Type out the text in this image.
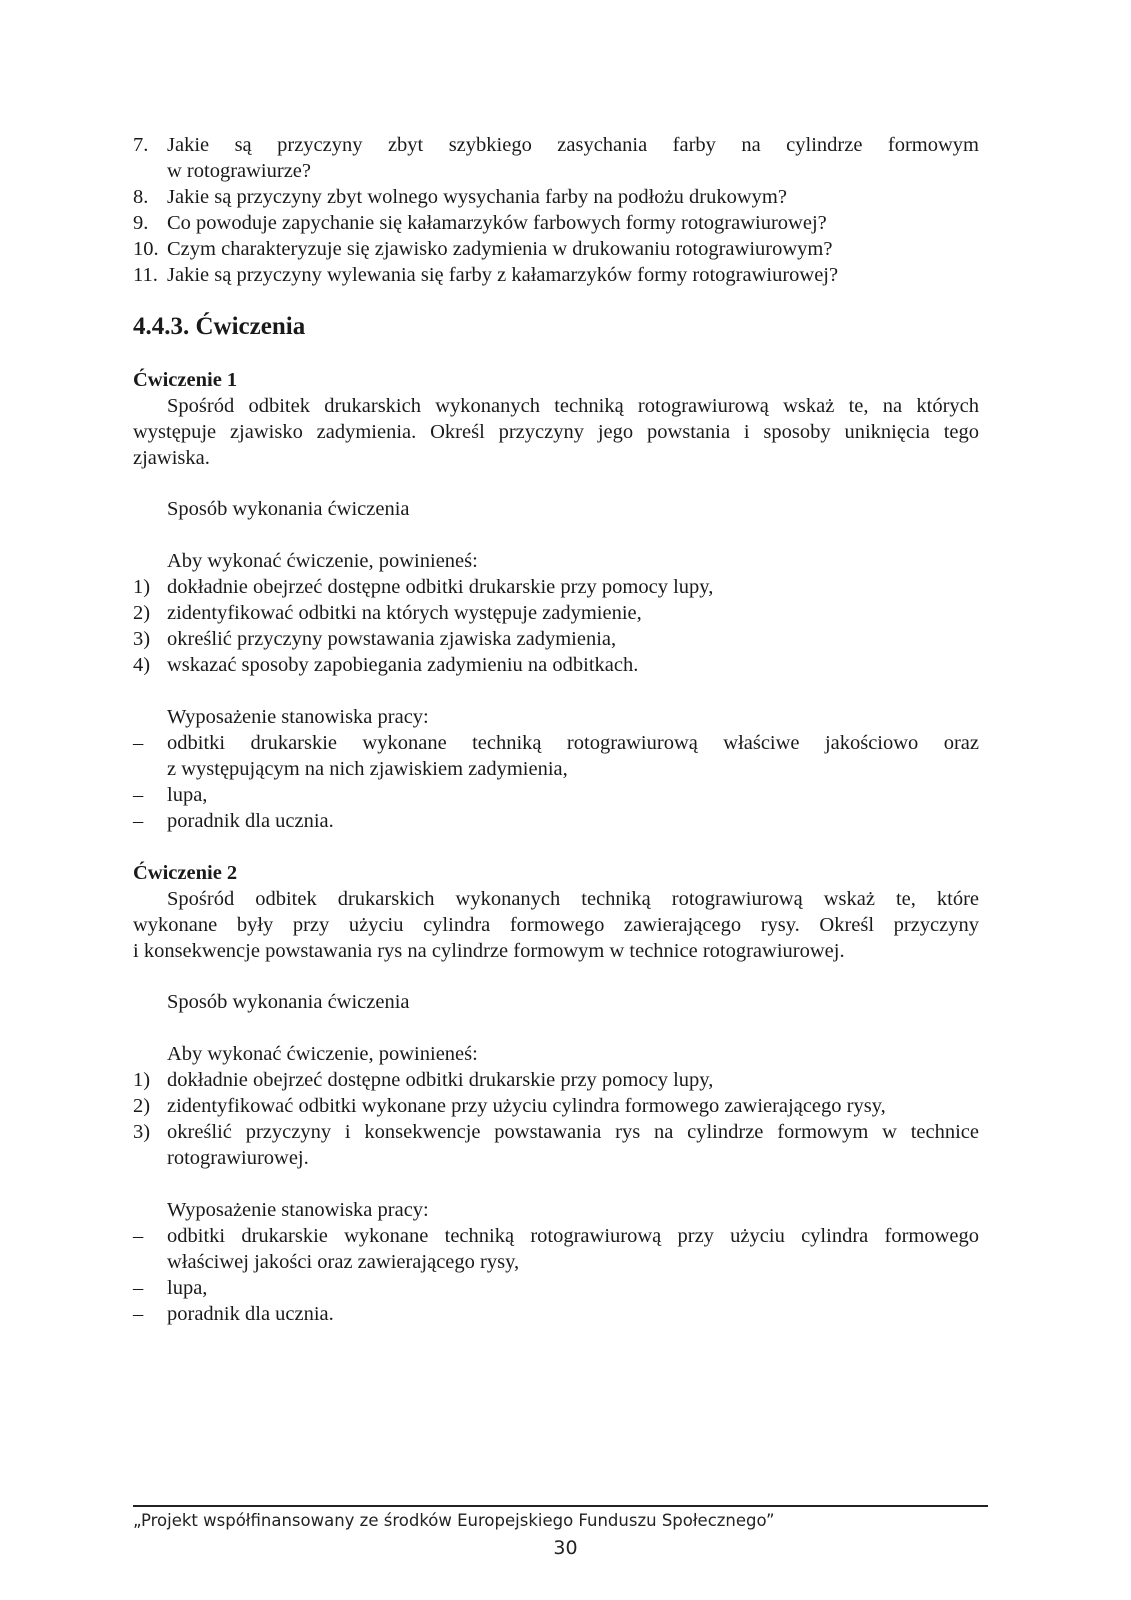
7. Jakie są przyczyny zbyt szybkiego zasychania farby na cylindrze formowym
w rotograwiurze?
8. Jakie są przyczyny zbyt wolnego wysychania farby na podłożu drukowym?
9. Co powoduje zapychanie się kałamarzyków farbowych formy rotograwiurowej?
10. Czym charakteryzuje się zjawisko zadymienia w drukowaniu rotograwiurowym?
11. Jakie są przyczyny wylewania się farby z kałamarzyków formy rotograwiurowej?
4.4.3. Ćwiczenia
Ćwiczenie 1
Spośród odbitek drukarskich wykonanych techniką rotograwiurową wskaż te, na których
występuje zjawisko zadymienia. Określ przyczyny jego powstania i sposoby uniknięcia tego
zjawiska.
Sposób wykonania ćwiczenia
Aby wykonać ćwiczenie, powinieneś:
1) dokładnie obejrzeć dostępne odbitki drukarskie przy pomocy lupy,
2) zidentyfikować odbitki na których występuje zadymienie,
3) określić przyczyny powstawania zjawiska zadymienia,
4) wskazać sposoby zapobiegania zadymieniu na odbitkach.
Wyposażenie stanowiska pracy:
– odbitki drukarskie wykonane techniką rotograwiurową właściwe jakościowo oraz
z występującym na nich zjawiskiem zadymienia,
– lupa,
– poradnik dla ucznia.
Ćwiczenie 2
Spośród odbitek drukarskich wykonanych techniką rotograwiurową wskaż te, które
wykonane były przy użyciu cylindra formowego zawierającego rysy. Określ przyczyny
i konsekwencje powstawania rys na cylindrze formowym w technice rotograwiurowej.
Sposób wykonania ćwiczenia
Aby wykonać ćwiczenie, powinieneś:
1) dokładnie obejrzeć dostępne odbitki drukarskie przy pomocy lupy,
2) zidentyfikować odbitki wykonane przy użyciu cylindra formowego zawierającego rysy,
3) określić przyczyny i konsekwencje powstawania rys na cylindrze formowym w technice
rotograwiurowej.
Wyposażenie stanowiska pracy:
– odbitki drukarskie wykonane techniką rotograwiurową przy użyciu cylindra formowego
właściwej jakości oraz zawierającego rysy,
– lupa,
– poradnik dla ucznia.
„Projekt współfinansowany ze środków Europejskiego Funduszu Społecznego”
30
